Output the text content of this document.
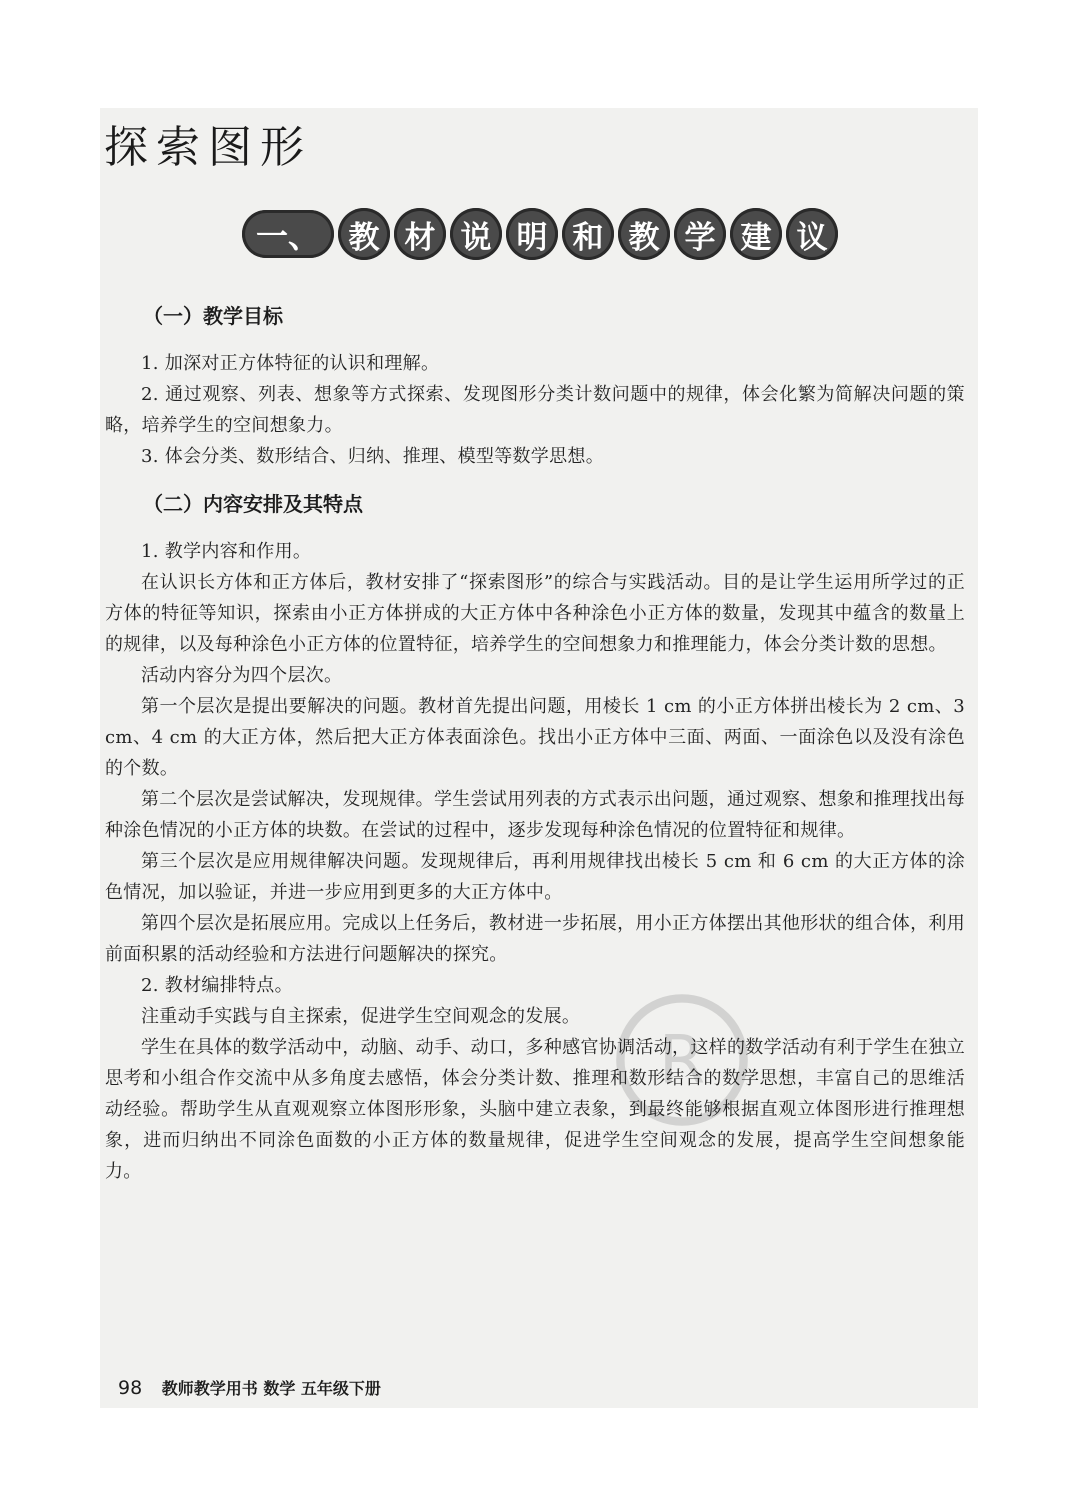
探索图形
一、 教 材 说 明 和 教 学 建 议
R
（一）教学目标

1. 加深对正方体特征的认识和理解。

2. 通过观察、列表、想象等方式探索、发现图形分类计数问题中的规律，体会化繁为简解决问题的策略，培养学生的空间想象力。

3. 体会分类、数形结合、归纳、推理、模型等数学思想。

（二）内容安排及其特点

1. 教学内容和作用。

在认识长方体和正方体后，教材安排了“探索图形”的综合与实践活动。目的是让学生运用所学过的正方体的特征等知识，探索由小正方体拼成的大正方体中各种涂色小正方体的数量，发现其中蕴含的数量上的规律，以及每种涂色小正方体的位置特征，培养学生的空间想象力和推理能力，体会分类计数的思想。

活动内容分为四个层次。

第一个层次是提出要解决的问题。教材首先提出问题，用棱长 1 cm 的小正方体拼出棱长为 2 cm、3 cm、4 cm 的大正方体，然后把大正方体表面涂色。找出小正方体中三面、两面、一面涂色以及没有涂色的个数。

第二个层次是尝试解决，发现规律。学生尝试用列表的方式表示出问题，通过观察、想象和推理找出每种涂色情况的小正方体的块数。在尝试的过程中，逐步发现每种涂色情况的位置特征和规律。

第三个层次是应用规律解决问题。发现规律后，再利用规律找出棱长 5 cm 和 6 cm 的大正方体的涂色情况，加以验证，并进一步应用到更多的大正方体中。

第四个层次是拓展应用。完成以上任务后，教材进一步拓展，用小正方体摆出其他形状的组合体，利用前面积累的活动经验和方法进行问题解决的探究。

2. 教材编排特点。

注重动手实践与自主探索，促进学生空间观念的发展。

学生在具体的数学活动中，动脑、动手、动口，多种感官协调活动，这样的数学活动有利于学生在独立思考和小组合作交流中从多角度去感悟，体会分类计数、推理和数形结合的数学思想，丰富自己的思维活动经验。帮助学生从直观观察立体图形形象，头脑中建立表象，到最终能够根据直观立体图形进行推理想象，进而归纳出不同涂色面数的小正方体的数量规律，促进学生空间观念的发展，提高学生空间想象能力。

98 教师教学用书 数学 五年级下册
